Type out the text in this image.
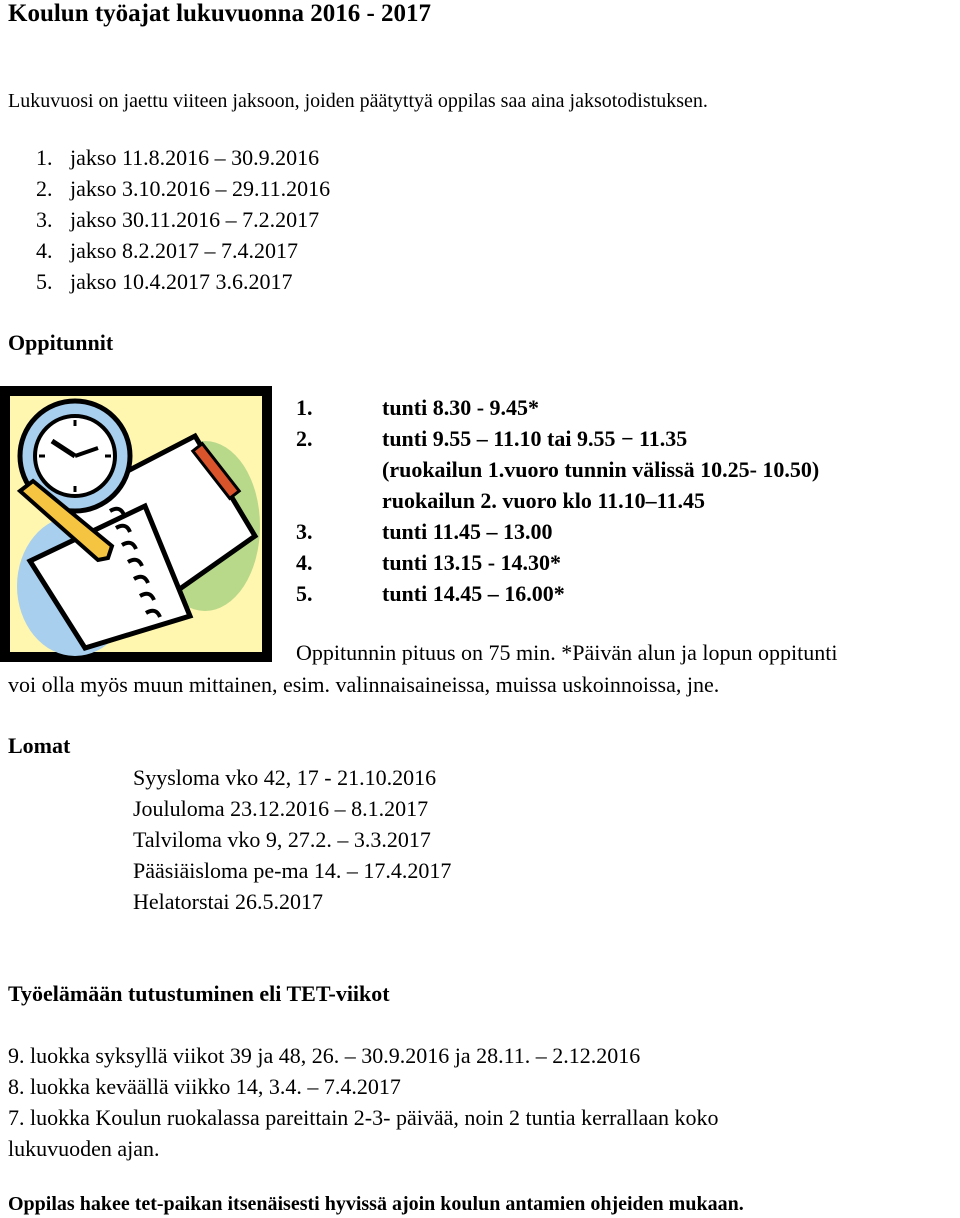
Koulun työajat lukuvuonna 2016 - 2017
Lukuvuosi on jaettu viiteen jaksoon, joiden päätyttyä oppilas saa aina jaksotodistuksen.
1. jakso 11.8.2016 – 30.9.2016
2. jakso 3.10.2016 – 29.11.2016
3. jakso 30.11.2016 – 7.2.2017
4. jakso 8.2.2017 – 7.4.2017
5. jakso 10.4.2017 3.6.2017
Oppitunnit
1.	tunti 8.30 - 9.45*
2.	tunti 9.55 – 11.10 tai 9.55 − 11.35
(ruokailun 1.vuoro tunnin välissä 10.25- 10.50)
ruokailun 2. vuoro klo 11.10–11.45
3.	tunti 11.45 – 13.00
4.	tunti 13.15 - 14.30*
5.	tunti 14.45 – 16.00*
Oppitunnin pituus on 75 min. *Päivän alun ja lopun oppitunti
voi olla myös muun mittainen, esim. valinnaisaineissa, muissa uskoinnoissa, jne.
Lomat
Syysloma vko 42, 17 - 21.10.2016
Joululoma 23.12.2016 – 8.1.2017
Talviloma vko 9, 27.2. – 3.3.2017
Pääsiäisloma pe-ma 14. – 17.4.2017
Helatorstai 26.5.2017
Työelämään tutustuminen eli TET-viikot
9. luokka syksyllä viikot 39 ja 48, 26. – 30.9.2016 ja 28.11. – 2.12.2016
8. luokka keväällä viikko 14, 3.4. – 7.4.2017
7. luokka Koulun ruokalassa pareittain 2-3- päivää, noin 2 tuntia kerrallaan koko
lukuvuoden ajan.
Oppilas hakee tet-paikan itsenäisesti hyvissä ajoin koulun antamien ohjeiden mukaan.
